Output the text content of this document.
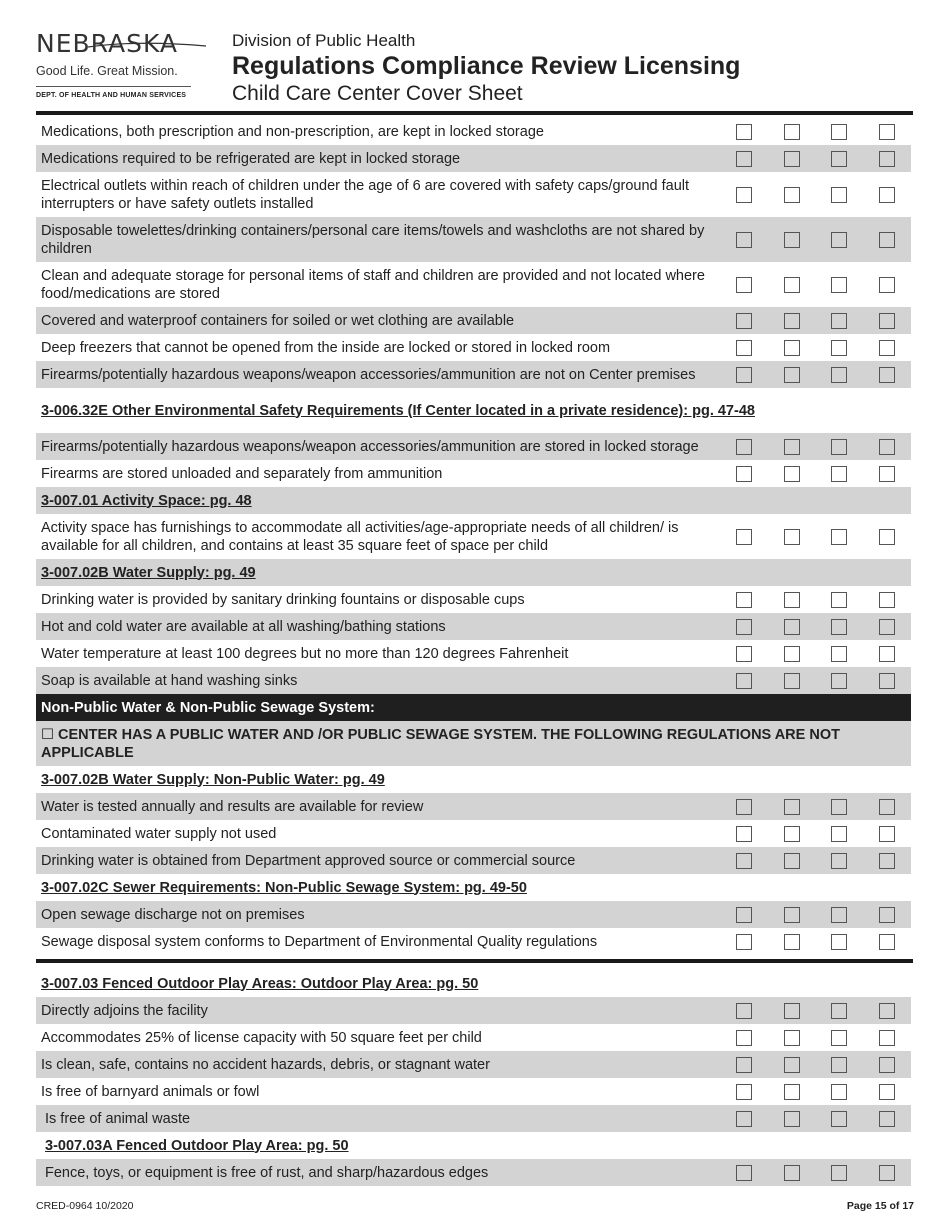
NEBRASKA
Good Life. Great Mission.
DEPT. OF HEALTH AND HUMAN SERVICES
Division of Public Health
Regulations Compliance Review Licensing
Child Care Center Cover Sheet
Medications, both prescription and non-prescription, are kept in locked storage
Medications required to be refrigerated are kept in locked storage
Electrical outlets within reach of children under the age of 6 are covered with safety caps/ground fault interrupters or have safety outlets installed
Disposable towelettes/drinking containers/personal care items/towels and washcloths are not shared by children
Clean and adequate storage for personal items of staff and children are provided and not located where food/medications are stored
Covered and waterproof containers for soiled or wet clothing are available
Deep freezers that cannot be opened from the inside are locked or stored in locked room
Firearms/potentially hazardous weapons/weapon accessories/ammunition are not on Center premises
3-006.32E Other Environmental Safety Requirements (If Center located in a private residence): pg. 47-48
Firearms/potentially hazardous weapons/weapon accessories/ammunition are stored in locked storage
Firearms are stored unloaded and separately from ammunition
3-007.01 Activity Space: pg. 48
Activity space has furnishings to accommodate all activities/age-appropriate needs of all children/ is available for all children, and contains at least 35 square feet of space per child
3-007.02B Water Supply: pg. 49
Drinking water is provided by sanitary drinking fountains or disposable cups
Hot and cold water are available at all washing/bathing stations
Water temperature at least 100 degrees but no more than 120 degrees Fahrenheit
Soap is available at hand washing sinks
Non-Public Water & Non-Public Sewage System:
☐ CENTER HAS A PUBLIC WATER AND /OR PUBLIC SEWAGE SYSTEM. THE FOLLOWING REGULATIONS ARE NOT APPLICABLE
3-007.02B Water Supply: Non-Public Water: pg. 49
Water is tested annually and results are available for review
Contaminated water supply not used
Drinking water is obtained from Department approved source or commercial source
3-007.02C Sewer Requirements: Non-Public Sewage System: pg. 49-50
Open sewage discharge not on premises
Sewage disposal system conforms to Department of Environmental Quality regulations
3-007.03 Fenced Outdoor Play Areas: Outdoor Play Area: pg. 50
Directly adjoins the facility
Accommodates 25% of license capacity with 50 square feet per child
Is clean, safe, contains no accident hazards, debris, or stagnant water
Is free of barnyard animals or fowl
Is free of animal waste
3-007.03A Fenced Outdoor Play Area: pg. 50
Fence, toys, or equipment is free of rust, and sharp/hazardous edges
CRED-0964 10/2020	Page 15 of 17
